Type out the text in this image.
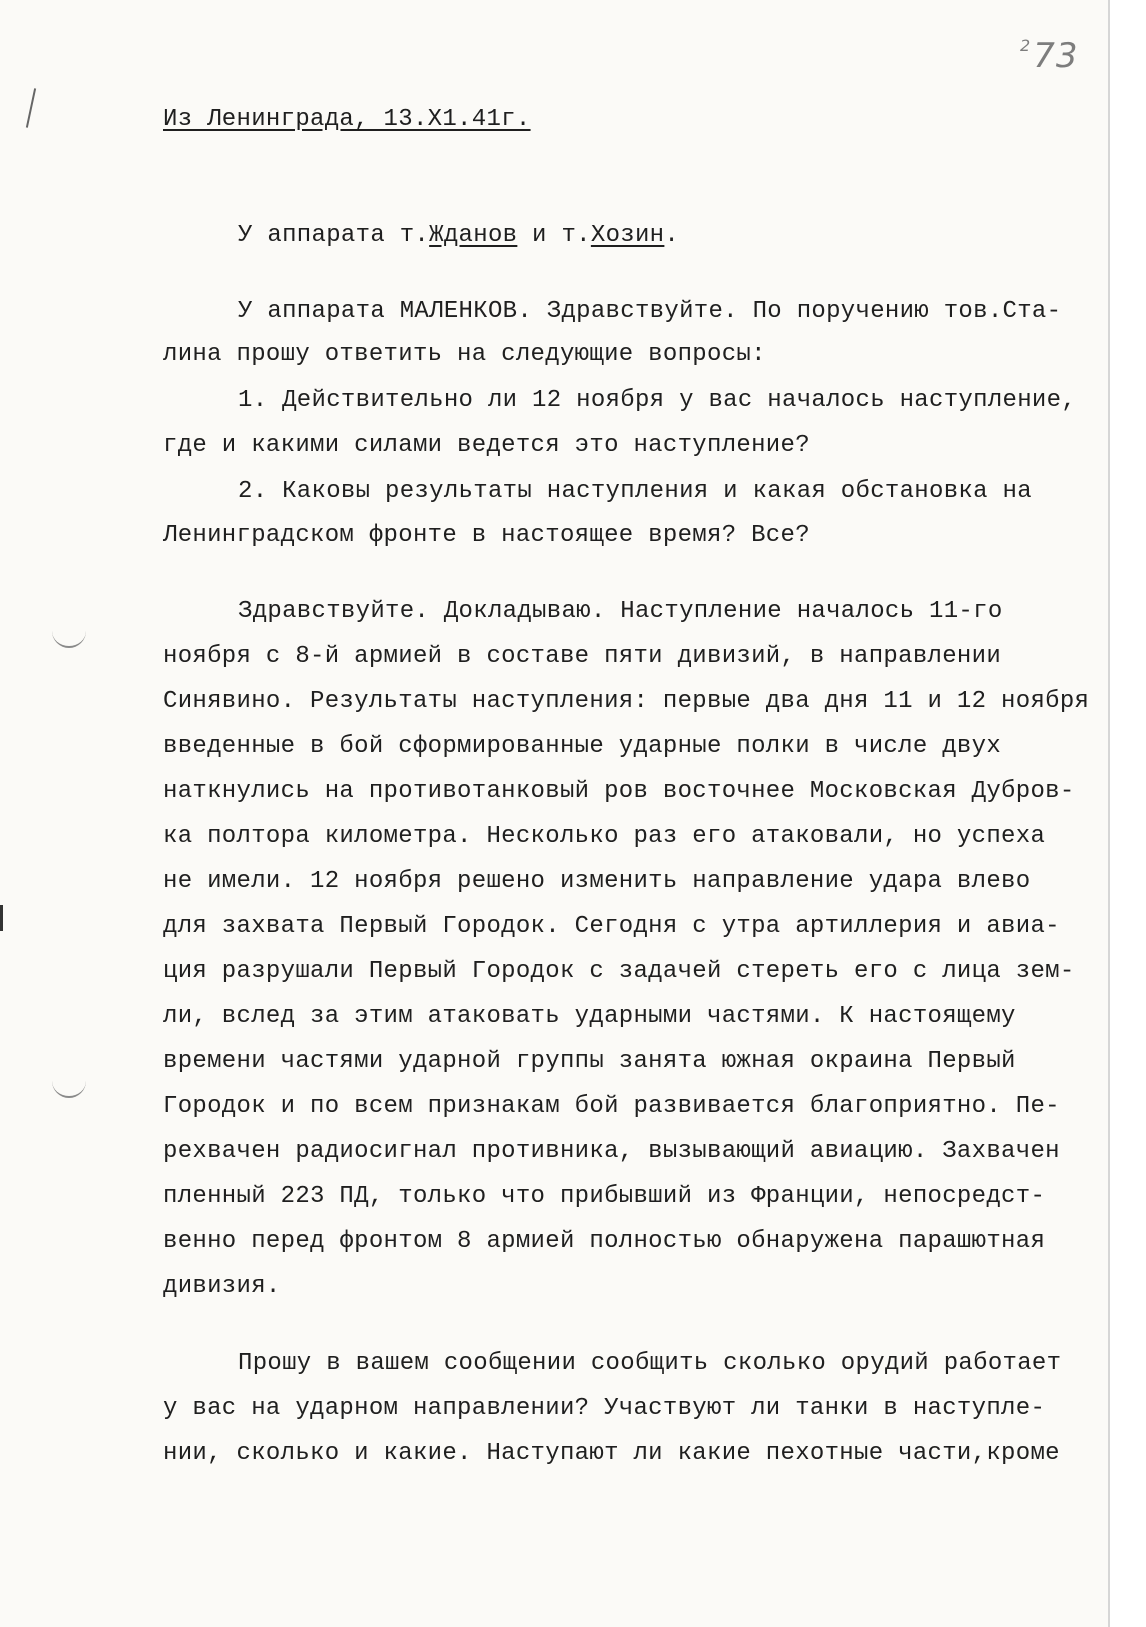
$^2$73
Из Ленинграда, 13.Х1.41г.
У аппарата т.Жданов и т.Хозин.
У аппарата МАЛЕНКОВ. Здравствуйте. По поручению тов.Ста-
лина прошу ответить на следующие вопросы:
1. Действительно ли 12 ноября у вас началось наступление,
где и какими силами ведется это наступление?
2. Каковы результаты наступления и какая обстановка на
Ленинградском фронте в настоящее время? Все?
Здравствуйте. Докладываю. Наступление началось 11-го
ноября с 8-й армией в составе пяти дивизий, в направлении
Синявино. Результаты наступления: первые два дня 11 и 12 ноября
введенные в бой сформированные ударные полки в числе двух
наткнулись на противотанковый ров восточнее Московская Дубров-
ка полтора километра. Несколько раз его атаковали, но успеха
не имели. 12 ноября решено изменить направление удара влево
для захвата Первый Городок. Сегодня с утра артиллерия и авиа-
ция разрушали Первый Городок с задачей стереть его с лица зем-
ли, вслед за этим атаковать ударными частями. К настоящему
времени частями ударной группы занята южная окраина Первый
Городок и по всем признакам бой развивается благоприятно. Пе-
рехвачен радиосигнал противника, вызывающий авиацию. Захвачен
пленный 223 ПД, только что прибывший из Франции, непосредст-
венно перед фронтом 8 армией полностью обнаружена парашютная
дивизия.
Прошу в вашем сообщении сообщить сколько орудий работает
у вас на ударном направлении? Участвуют ли танки в наступле-
нии, сколько и какие. Наступают ли какие пехотные части,кроме
